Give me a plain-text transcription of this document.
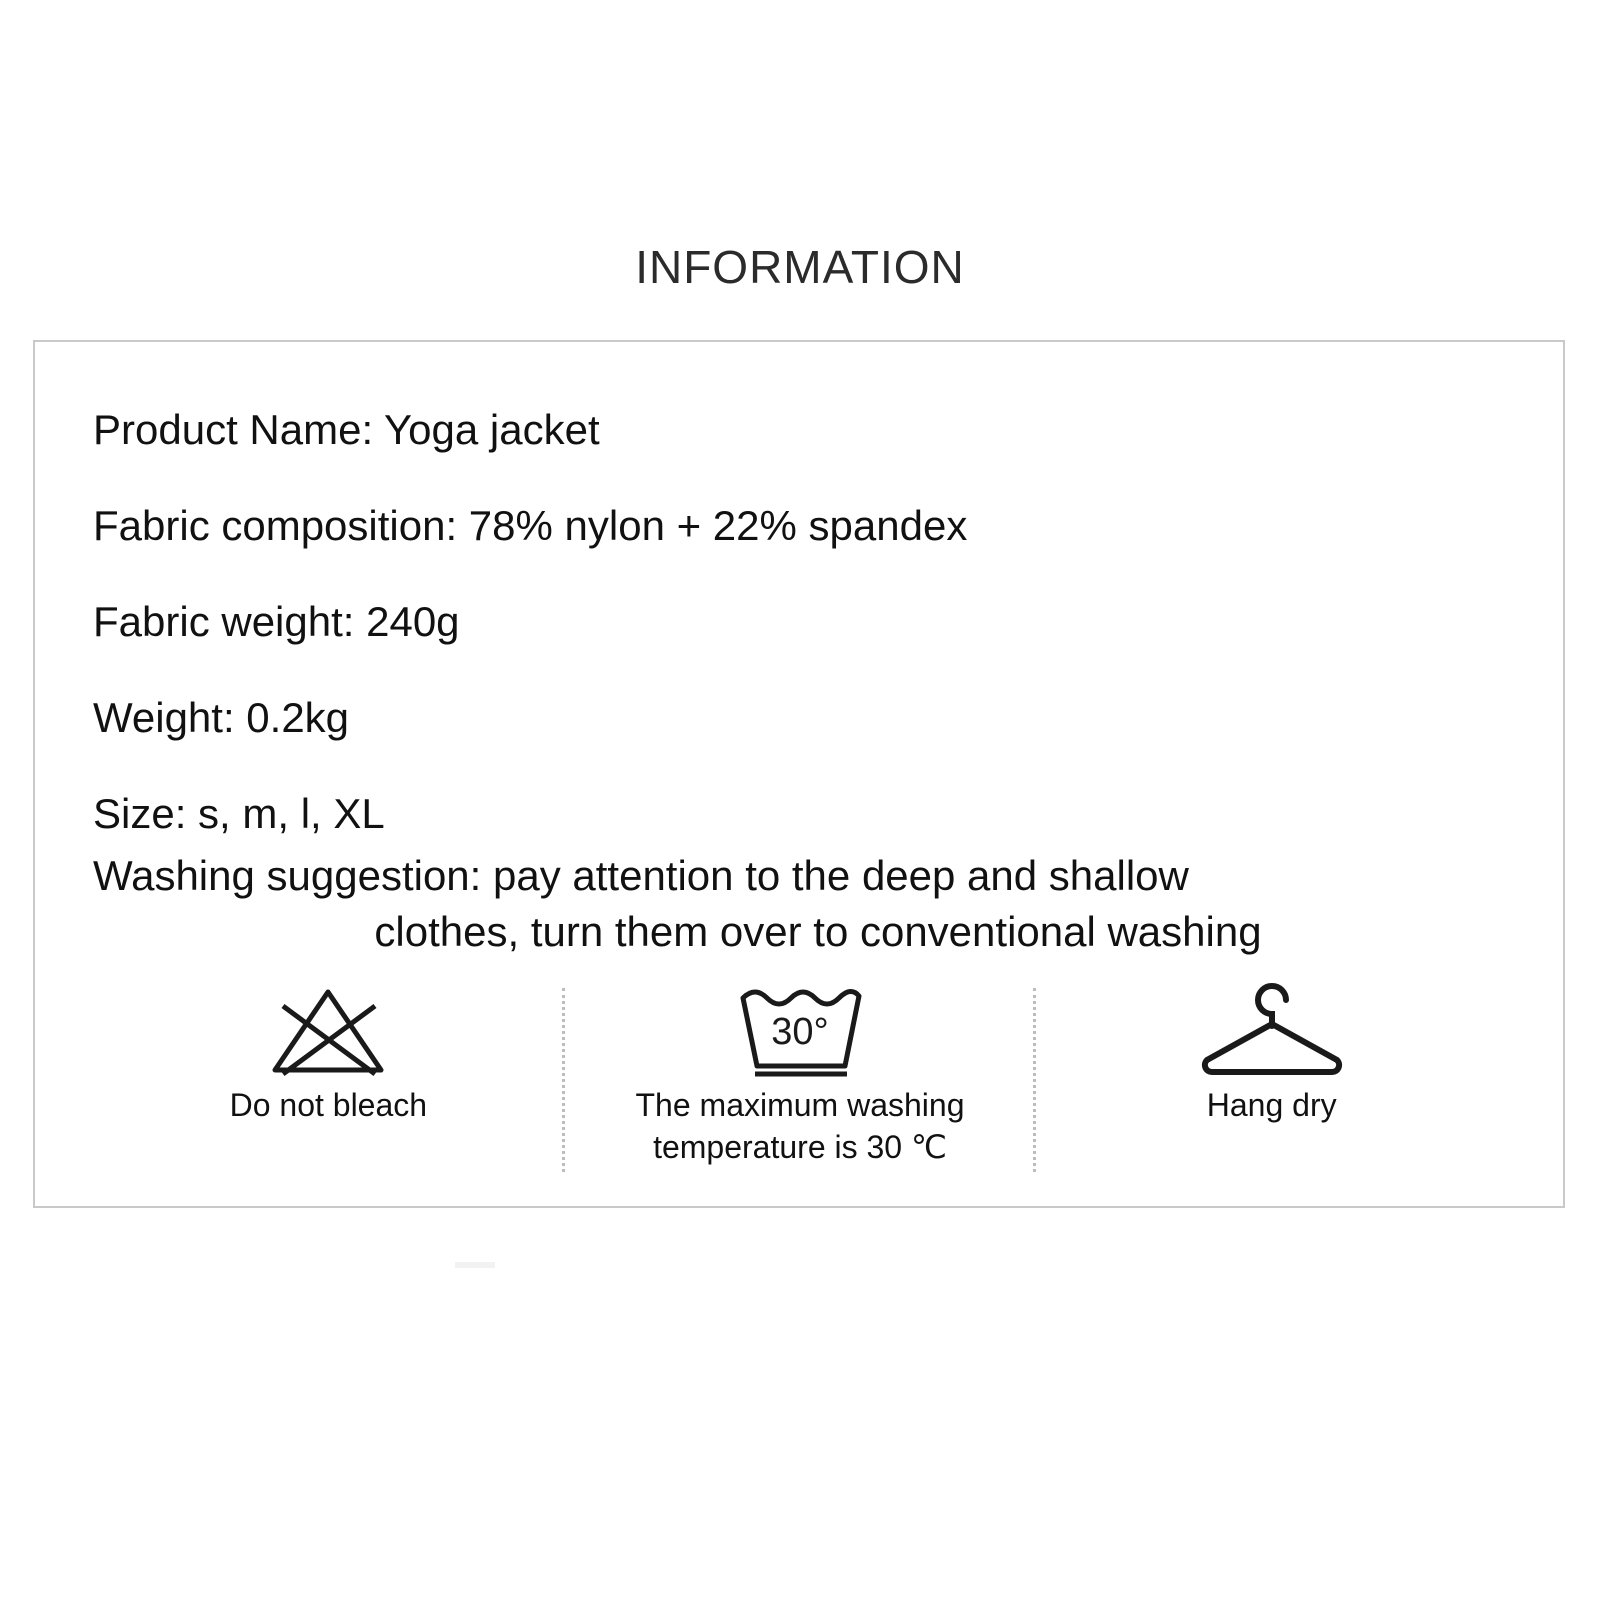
INFORMATION
Product Name: Yoga jacket
Fabric composition: 78% nylon + 22% spandex
Fabric weight: 240g
Weight: 0.2kg
Size: s, m, l, XL
Washing suggestion: pay attention to the deep and shallow
clothes, turn them over to conventional washing
Do not bleach
30°
The maximum washing
temperature is 30 ℃
Hang dry
